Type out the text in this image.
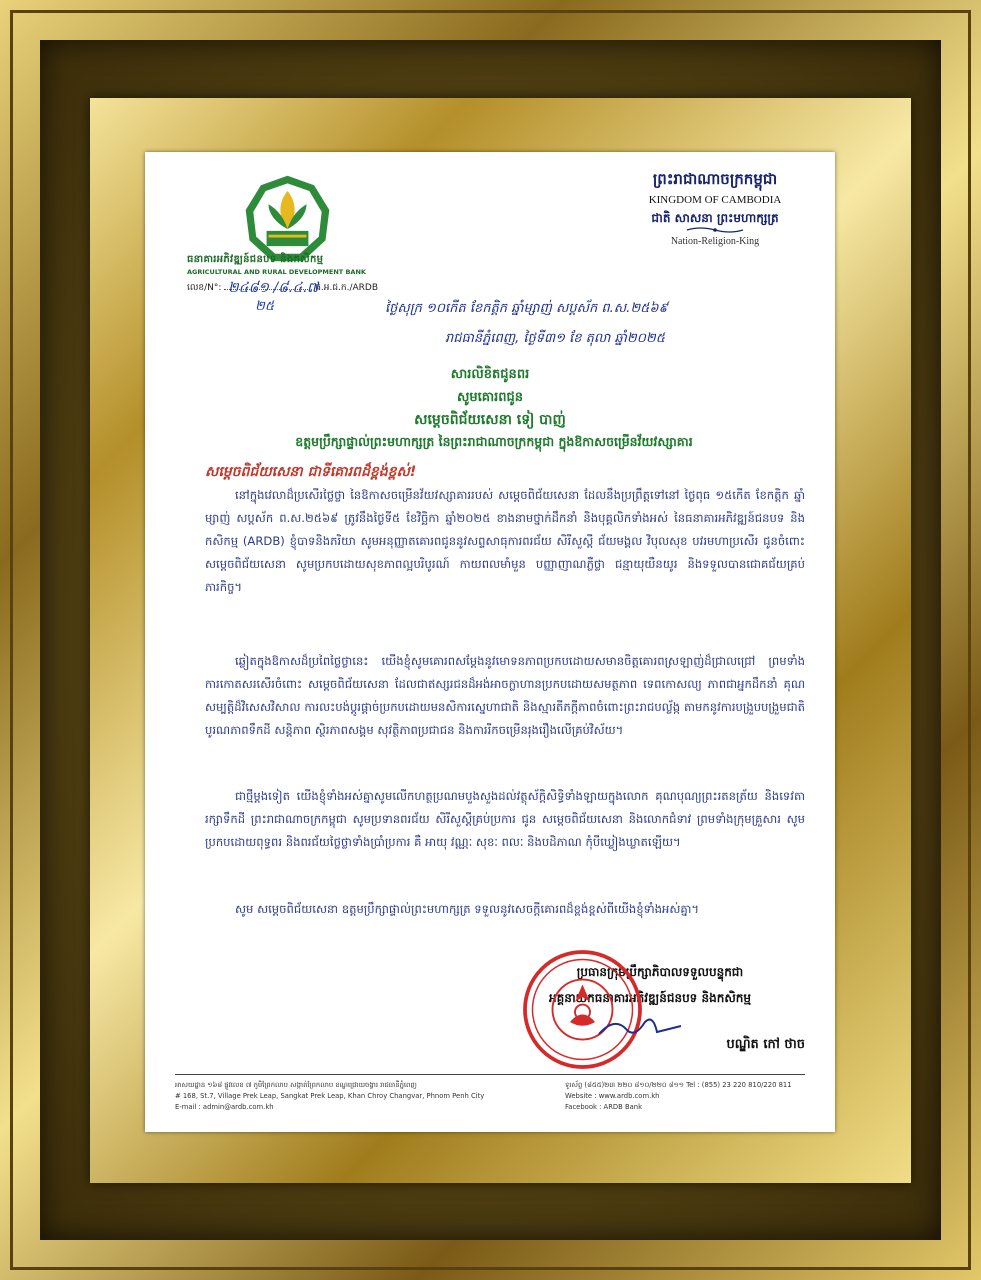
ធនាគារអភិវឌ្ឍន៍ជនបទ និងកសិកម្ម
AGRICULTURAL AND RURAL DEVELOPMENT BANK
លេខ/N°:	ធ.អ.ជ.ក./ARDB
២៤៨១ /៨.៤.៧
២៥
ព្រះរាជាណាចក្រកម្ពុជា
KINGDOM OF CAMBODIA
ជាតិ សាសនា ព្រះមហាក្សត្រ
Nation-Religion-King
ថ្ងៃសុក្រ ១០កើត ខែកត្តិក ឆ្នាំម្សាញ់ សប្តស័ក ព.ស.២៥៦៩
រាជធានីភ្នំពេញ, ថ្ងៃទី៣១ ខែ តុលា ឆ្នាំ២០២៥
សារលិខិតជូនពរ
សូមគោរពជូន
សម្តេចពិជ័យសេនា ទៀ បាញ់
ឧត្តមប្រឹក្សាផ្ទាល់ព្រះមហាក្សត្រ នៃព្រះរាជាណាចក្រកម្ពុជា ក្នុងឱកាសចម្រើនវ័យវស្សាគារ
សម្តេចពិជ័យសេនា ជាទីគោរពដ៏ខ្ពង់ខ្ពស់!
នៅក្នុងវេលាដ៏ប្រសើរថ្លៃថ្លា នៃឱកាសចម្រើនវ័យវស្សាគាររបស់ សម្តេចពិជ័យសេនា ដែលនឹងប្រព្រឹត្តទៅនៅ ថ្ងៃពុធ ១៥កើត ខែកត្តិក ឆ្នាំម្សាញ់ សប្តស័ក ព.ស.២៥៦៩ ត្រូវនឹងថ្ងៃទី៥ ខែវិច្ឆិកា ឆ្នាំ២០២៥ ខាងនាមថ្នាក់ដឹកនាំ និងបុគ្គលិកទាំងអស់ នៃធនាគារអភិវឌ្ឍន៍ជនបទ និងកសិកម្ម (ARDB) ខ្ញុំបាទនិងភរិយា សូមអនុញ្ញាតគោរពជូននូវសព្ទសាធុការពរជ័យ សិរីសួស្តី ជ័យមង្គល វិបុលសុខ បវរមហាប្រសើរ ជូនចំពោះ សម្តេចពិជ័យសេនា សូមប្រកបដោយសុខភាពល្អបរិបូរណ៍ កាយពលមាំមួន បញ្ញាញាណភ្លឺថ្លា ជន្មាយុយឺនយូរ និងទទួលបានជោគជ័យគ្រប់ភារកិច្ច។
ឆ្លៀតក្នុងឱកាសដ៏ប្រពៃថ្លៃថ្លានេះ យើងខ្ញុំសូមគោរពសម្តែងនូវមោទនភាពប្រកបដោយសមានចិត្តគោរពស្រឡាញ់ដ៏ជ្រាលជ្រៅ ព្រមទាំងការកោតសរសើរចំពោះ សម្តេចពិជ័យសេនា ដែលជាឥស្សរជនដ៏អង់អាចក្លាហានប្រកបដោយសមត្ថភាព ទេពកោសល្យ ភាពជាអ្នកដឹកនាំ គុណសម្បត្តិដ៏វិសេសវិសាល ការលះបង់ប្តូរផ្តាច់ប្រកបដោយមនសិការស្នេហាជាតិ និងស្មារតីភក្តីភាពចំពោះព្រះរាជបល្ល័ង្ក តាមកនូវការបង្រួបបង្រួមជាតិ បូរណភាពទឹកដី សន្តិភាព ស្ថិរភាពសង្គម សុវត្ថិភាពប្រជាជន និងការរីកចម្រើនរុងរឿងលើគ្រប់វិស័យ។
ជាថ្មីម្តងទៀត យើងខ្ញុំទាំងអស់គ្នាសូមលើកហត្ថប្រណមបួងសួងដល់វត្ថុស័ក្តិសិទ្ធិទាំងឡាយក្នុងលោក គុណបុណ្យព្រះរតនត្រ័យ និងទេវតារក្សាទឹកដី ព្រះរាជាណាចក្រកម្ពុជា សូមប្រទានពរជ័យ សិរីសួស្តីគ្រប់ប្រការ ជូន សម្តេចពិជ័យសេនា និងលោកជំទាវ ព្រមទាំងក្រុមគ្រួសារ សូមប្រកបដោយពុទ្ធពរ និងពរជ័យថ្លៃថ្លាទាំងប្រាំប្រការ គឺ អាយុ វណ្ណៈ សុខៈ ពលៈ និងបដិភាណ កុំបីឃ្លៀងឃ្លាតឡើយ។
សូម សម្តេចពិជ័យសេនា ឧត្តមប្រឹក្សាផ្ទាល់ព្រះមហាក្សត្រ ទទួលនូវសេចក្តីគោរពដ៏ខ្ពង់ខ្ពស់ពីយើងខ្ញុំទាំងអស់គ្នា។
ប្រធានក្រុមប្រឹក្សាភិបាលទទួលបន្ទុកជា
អគ្គនាយកធនាគារអភិវឌ្ឍន៍ជនបទ និងកសិកម្ម
បណ្ឌិត កៅ ថាច
អាសយដ្ឋាន ១៦៨ ផ្លូវលេខ ៧ ភូមិព្រែកលាប សង្កាត់ព្រែកលាប ខណ្ឌជ្រោយចង្វារ រាជធានីភ្នំពេញ
# 168, St.7, Village Prek Leap, Sangkat Prek Leap, Khan Chroy Changvar, Phnom Penh City
E-mail : admin@ardb.com.kh
ទូរស័ព្ទ (៨៥៥)២៣ ២២០ ៨១០/២២០ ៨១១ Tel : (855) 23 220 810/220 811
Website : www.ardb.com.kh
Facebook : ARDB Bank
